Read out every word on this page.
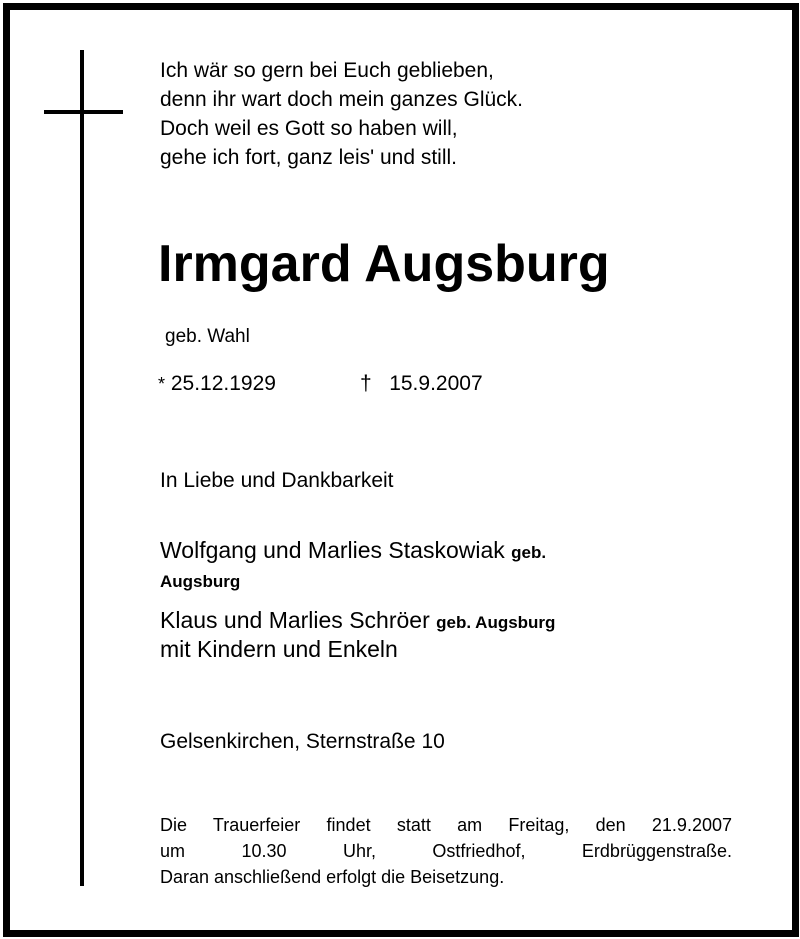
Ich wär so gern bei Euch geblieben,
denn ihr wart doch mein ganzes Glück.
Doch weil es Gott so haben will,
gehe ich fort, ganz leis' und still.
Irmgard Augsburg
geb. Wahl
* 25.12.1929	† 15.9.2007
In Liebe und Dankbarkeit
Wolfgang und Marlies Staskowiak geb.
Augsburg
Klaus und Marlies Schröer geb. Augsburg
mit Kindern und Enkeln
Gelsenkirchen, Sternstraße 10
Die Trauerfeier findet statt am Freitag, den 21.9.2007
um 10.30 Uhr, Ostfriedhof, Erdbrüggenstraße.
Daran anschließend erfolgt die Beisetzung.
